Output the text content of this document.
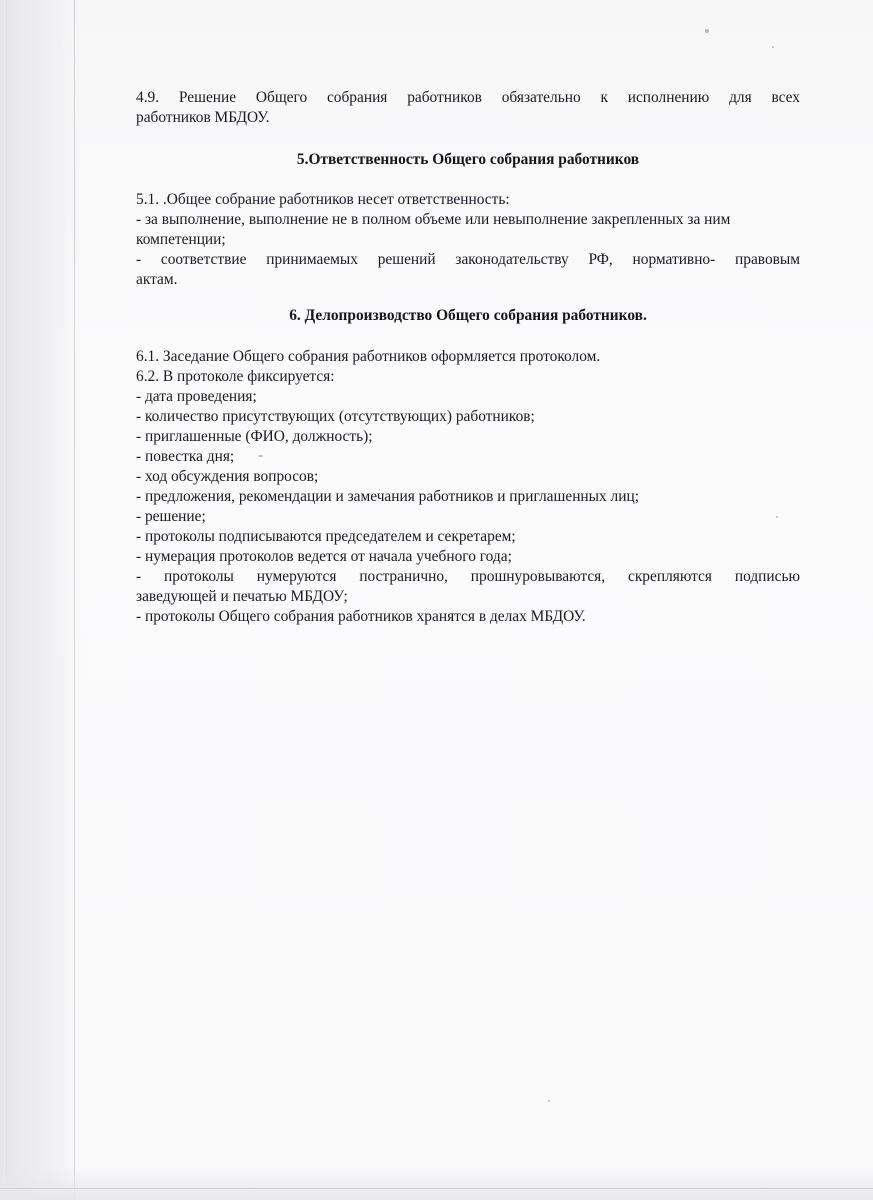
4.9. Решение Общего собрания работников обязательно к исполнению для всех
работников МБДОУ.
5.Ответственность Общего собрания работников
5.1. .Общее собрание работников несет ответственность:
- за выполнение, выполнение не в полном объеме или невыполнение закрепленных за ним
компетенции;
- соответствие принимаемых решений законодательству РФ, нормативно- правовым
актам.
6. Делопроизводство Общего собрания работников.
6.1. Заседание Общего собрания работников оформляется протоколом.
6.2. В протоколе фиксируется:
- дата проведения;
- количество присутствующих (отсутствующих) работников;
- приглашенные (ФИО, должность);
- повестка дня;
- ход обсуждения вопросов;
- предложения, рекомендации и замечания работников и приглашенных лиц;
- решение;
- протоколы подписываются председателем и секретарем;
- нумерация протоколов ведется от начала учебного года;
- протоколы нумеруются постранично, прошнуровываются, скрепляются подписью
заведующей и печатью МБДОУ;
- протоколы Общего собрания работников хранятся в делах МБДОУ.
